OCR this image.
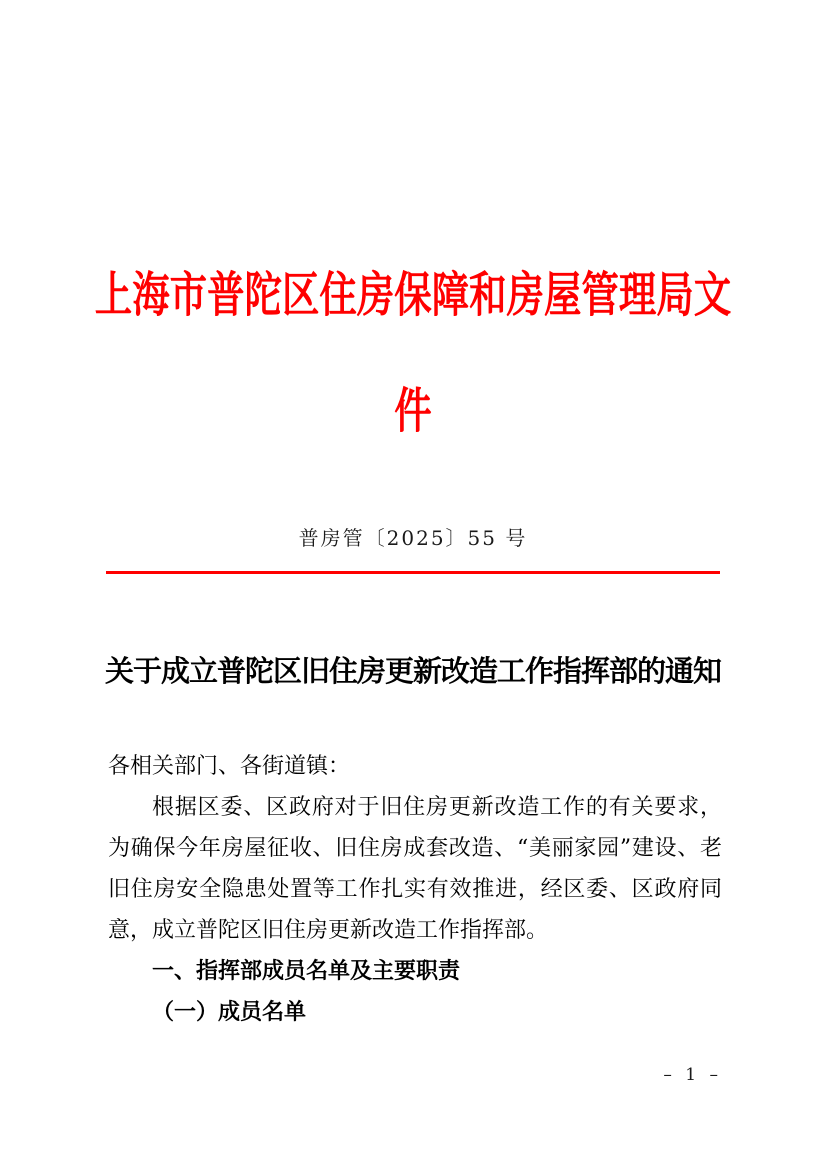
上海市普陀区住房保障和房屋管理局文
件
普房管〔2025〕55 号
关于成立普陀区旧住房更新改造工作指挥部的通知
各相关部门、各街道镇：
根据区委、区政府对于旧住房更新改造工作的有关要求，为确保今年房屋征收、旧住房成套改造、“美丽家园”建设、老旧住房安全隐患处置等工作扎实有效推进，经区委、区政府同意，成立普陀区旧住房更新改造工作指挥部。
一、指挥部成员名单及主要职责
（一）成员名单
– 1 –
